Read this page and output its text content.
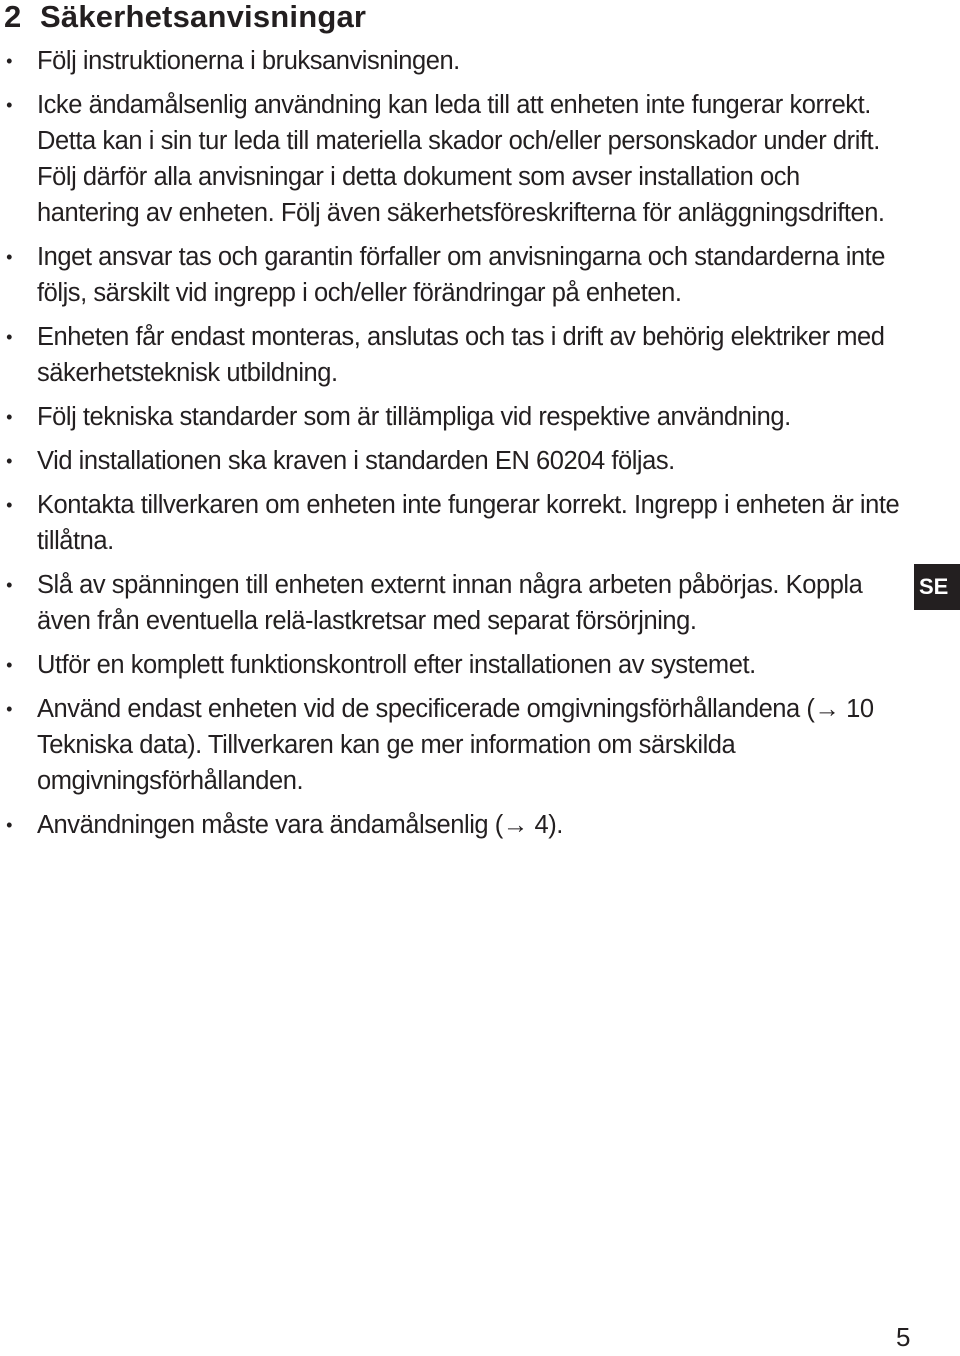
2 Säkerhetsanvisningar
• Följ instruktionerna i bruksanvisningen.
• Icke ändamålsenlig användning kan leda till att enheten inte fungerar korrekt. Detta kan i sin tur leda till materiella skador och/eller personskador under drift. Följ därför alla anvisningar i detta dokument som avser installation och hantering av enheten. Följ även säkerhetsföreskrifterna för anläggningsdriften.
• Inget ansvar tas och garantin förfaller om anvisningarna och standarderna inte följs, särskilt vid ingrepp i och/eller förändringar på enheten.
• Enheten får endast monteras, anslutas och tas i drift av behörig elektriker med säkerhetsteknisk utbildning.
• Följ tekniska standarder som är tillämpliga vid respektive användning.
• Vid installationen ska kraven i standarden EN 60204 följas.
• Kontakta tillverkaren om enheten inte fungerar korrekt. Ingrepp i enheten är inte tillåtna.
• Slå av spänningen till enheten externt innan några arbeten påbörjas. Koppla även från eventuella relä-lastkretsar med separat försörjning.
• Utför en komplett funktionskontroll efter installationen av systemet.
• Använd endast enheten vid de specificerade omgivningsförhållandena (→ 10 Tekniska data). Tillverkaren kan ge mer information om särskilda omgivningsförhållanden.
• Användningen måste vara ändamålsenlig (→ 4).
SE
5
